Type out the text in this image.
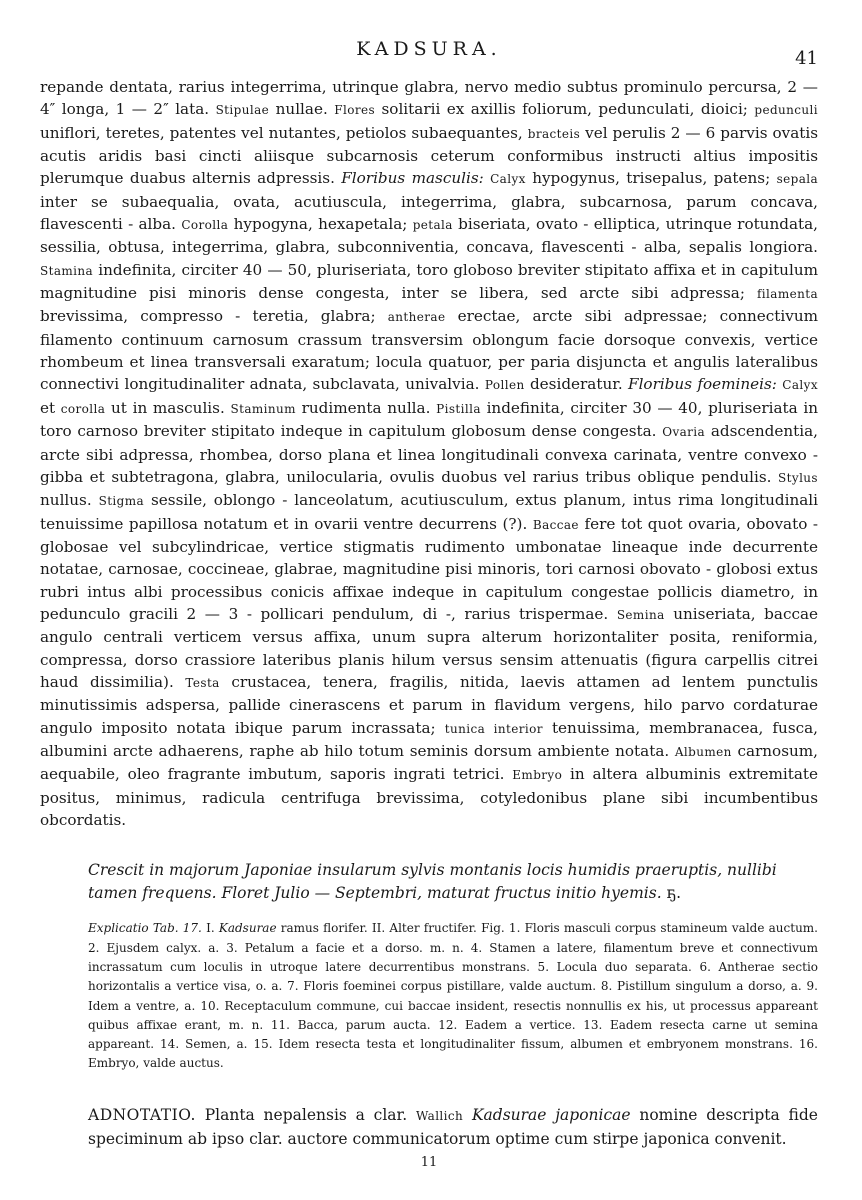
KADSURA.	41

repande dentata, rarius integerrima, utrinque glabra, nervo medio subtus prominulo percursa, 2 — 4″ longa, 1 — 2″ lata. Stipulae nullae. Flores solitarii ex axillis foliorum, pedunculati, dioici; pedunculi uniflori, teretes, patentes vel nutantes, petiolos subaequantes, bracteis vel perulis 2 — 6 parvis ovatis acutis aridis basi cincti aliisque subcarnosis ceterum conformibus instructi altius impositis plerumque duabus alternis adpressis. Floribus masculis: Calyx hypogynus, trisepalus, patens; sepala inter se subaequalia, ovata, acutiuscula, integerrima, glabra, subcarnosa, parum concava, flavescenti - alba. Corolla hypogyna, hexapetala; petala biseriata, ovato - elliptica, utrinque rotundata, sessilia, obtusa, integerrima, glabra, subconniventia, concava, flavescenti - alba, sepalis longiora. Stamina indefinita, circiter 40 — 50, pluriseriata, toro globoso breviter stipitato affixa et in capitulum magnitudine pisi minoris dense congesta, inter se libera, sed arcte sibi adpressa; filamenta brevissima, compresso - teretia, glabra; antherae erectae, arcte sibi adpressae; connectivum filamento continuum carnosum crassum transversim oblongum facie dorsoque convexis, vertice rhombeum et linea transversali exaratum; locula quatuor, per paria disjuncta et angulis lateralibus connectivi longitudinaliter adnata, subclavata, univalvia. Pollen desideratur. Floribus foemineis: Calyx et corolla ut in masculis. Staminum rudimenta nulla. Pistilla indefinita, circiter 30 — 40, pluriseriata in toro carnoso breviter stipitato indeque in capitulum globosum dense congesta. Ovaria adscendentia, arcte sibi adpressa, rhombea, dorso plana et linea longitudinali convexa carinata, ventre convexo - gibba et subtetragona, glabra, unilocularia, ovulis duobus vel rarius tribus oblique pendulis. Stylus nullus. Stigma sessile, oblongo - lanceolatum, acutiusculum, extus planum, intus rima longitudinali tenuissime papillosa notatum et in ovarii ventre decurrens (?). Baccae fere tot quot ovaria, obovato - globosae vel subcylindricae, vertice stigmatis rudimento umbonatae lineaque inde decurrente notatae, carnosae, coccineae, glabrae, magnitudine pisi minoris, tori carnosi obovato - globosi extus rubri intus albi processibus conicis affixae indeque in capitulum congestae pollicis diametro, in pedunculo gracili 2 — 3 - pollicari pendulum, di -, rarius trispermae. Semina uniseriata, baccae angulo centrali verticem versus affixa, unum supra alterum horizontaliter posita, reniformia, compressa, dorso crassiore lateribus planis hilum versus sensim attenuatis (figura carpellis citrei haud dissimilia). Testa crustacea, tenera, fragilis, nitida, laevis attamen ad lentem punctulis minutissimis adspersa, pallide cinerascens et parum in flavidum vergens, hilo parvo cordaturae angulo imposito notata ibique parum incrassata; tunica interior tenuissima, membranacea, fusca, albumini arcte adhaerens, raphe ab hilo totum seminis dorsum ambiente notata. Albumen carnosum, aequabile, oleo fragrante imbutum, saporis ingrati tetrici. Embryo in altera albuminis extremitate positus, minimus, radicula centrifuga brevissima, cotyledonibus plane sibi incumbentibus obcordatis.

Crescit in majorum Japoniae insularum sylvis montanis locis humidis praeruptis, nullibi tamen frequens. Floret Julio — Septembri, maturat fructus initio hyemis. ҕ.

Explicatio Tab. 17. I. Kadsurae ramus florifer. II. Alter fructifer. Fig. 1. Floris masculi corpus stamineum valde auctum. 2. Ejusdem calyx. a. 3. Petalum a facie et a dorso. m. n. 4. Stamen a latere, filamentum breve et connectivum incrassatum cum loculis in utroque latere decurrentibus monstrans. 5. Locula duo separata. 6. Antherae sectio horizontalis a vertice visa, o. a. 7. Floris foeminei corpus pistillare, valde auctum. 8. Pistillum singulum a dorso, a. 9. Idem a ventre, a. 10. Receptaculum commune, cui baccae insident, resectis nonnullis ex his, ut processus appareant quibus affixae erant, m. n. 11. Bacca, parum aucta. 12. Eadem a vertice. 13. Eadem resecta carne ut semina appareant. 14. Semen, a. 15. Idem resecta testa et longitudinaliter fissum, albumen et embryonem monstrans. 16. Embryo, valde auctus.

ADNOTATIO. Planta nepalensis a clar. Wallich Kadsurae japonicae nomine descripta fide speciminum ab ipso clar. auctore communicatorum optime cum stirpe japonica convenit.

11
